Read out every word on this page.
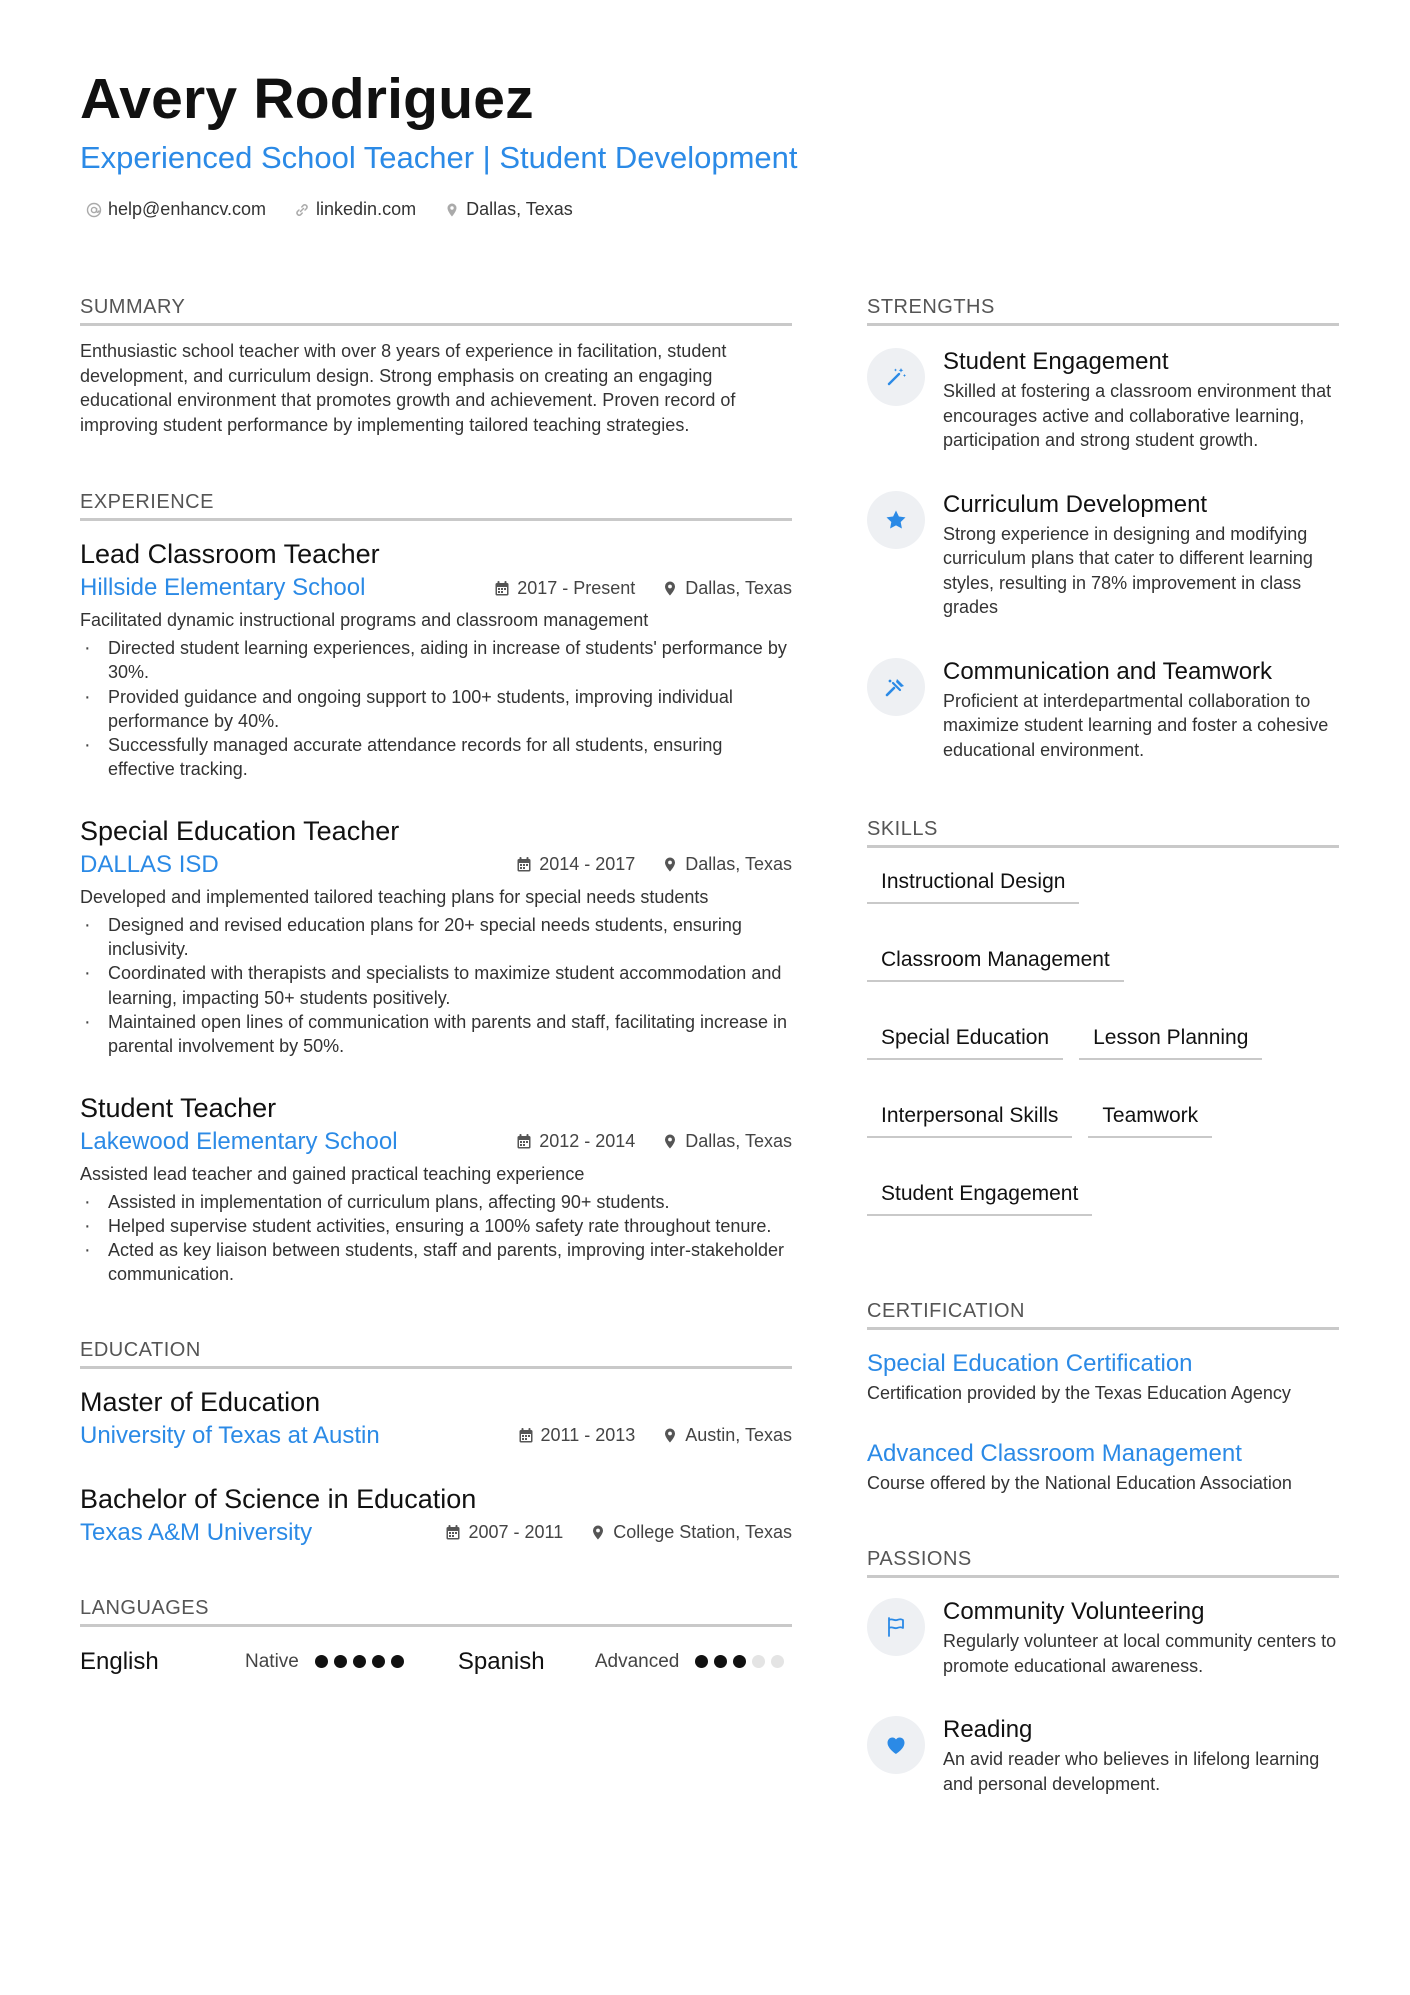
Avery Rodriguez
Experienced School Teacher | Student Development
help@enhancv.com	linkedin.com	Dallas, Texas
SUMMARY

Enthusiastic school teacher with over 8 years of experience in facilitation, student development, and curriculum design. Strong emphasis on creating an engaging educational environment that promotes growth and achievement. Proven record of improving student performance by implementing tailored teaching strategies.

EXPERIENCE
Lead Classroom Teacher
Hillside Elementary School	2017 - Present	Dallas, Texas

Facilitated dynamic instructional programs and classroom management

· Directed student learning experiences, aiding in increase of students' performance by 30%.
· Provided guidance and ongoing support to 100+ students, improving individual performance by 40%.
· Successfully managed accurate attendance records for all students, ensuring effective tracking.
Special Education Teacher
DALLAS ISD	2014 - 2017	Dallas, Texas

Developed and implemented tailored teaching plans for special needs students

· Designed and revised education plans for 20+ special needs students, ensuring inclusivity.
· Coordinated with therapists and specialists to maximize student accommodation and learning, impacting 50+ students positively.
· Maintained open lines of communication with parents and staff, facilitating increase in parental involvement by 50%.
Student Teacher
Lakewood Elementary School	2012 - 2014	Dallas, Texas

Assisted lead teacher and gained practical teaching experience

· Assisted in implementation of curriculum plans, affecting 90+ students.
· Helped supervise student activities, ensuring a 100% safety rate throughout tenure.
· Acted as key liaison between students, staff and parents, improving inter-stakeholder communication.
EDUCATION
Master of Education
University of Texas at Austin	2011 - 2013	Austin, Texas
Bachelor of Science in Education
Texas A&M University	2007 - 2011	College Station, Texas
LANGUAGES
English	Native	Spanish	Advanced
STRENGTHS
Student Engagement

Skilled at fostering a classroom environment that encourages active and collaborative learning, participation and strong student growth.

Curriculum Development

Strong experience in designing and modifying curriculum plans that cater to different learning styles, resulting in 78% improvement in class grades

Communication and Teamwork

Proficient at interdepartmental collaboration to maximize student learning and foster a cohesive educational environment.

SKILLS
Instructional Design
Classroom Management
Special Education	Lesson Planning
Interpersonal Skills	Teamwork
Student Engagement
CERTIFICATION
Special Education Certification

Certification provided by the Texas Education Agency

Advanced Classroom Management

Course offered by the National Education Association

PASSIONS
Community Volunteering

Regularly volunteer at local community centers to promote educational awareness.

Reading

An avid reader who believes in lifelong learning and personal development.
